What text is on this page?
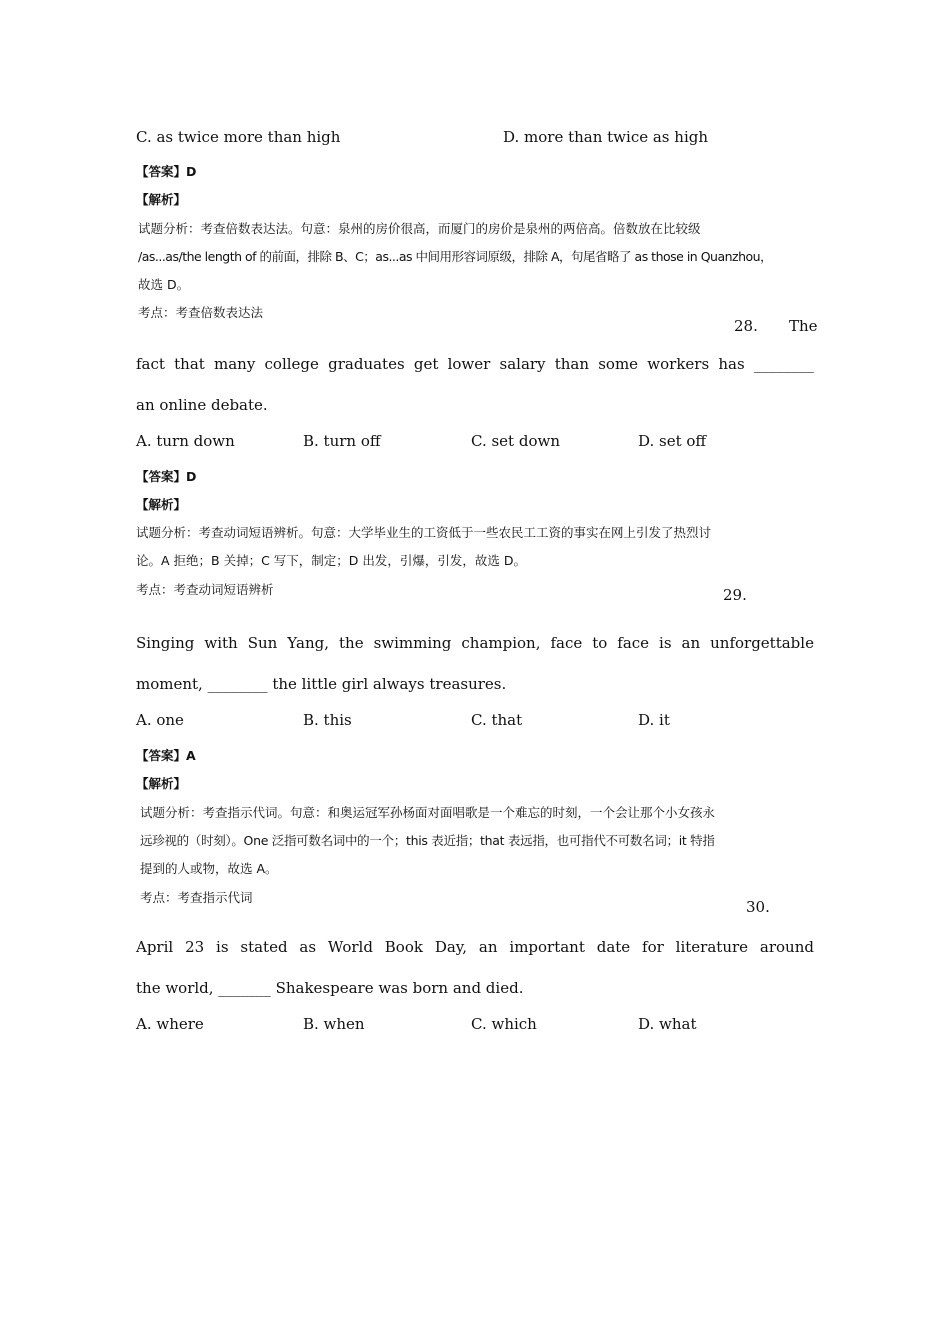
C. as twice more than high	D. more than twice as high
【答案】D
【解析】
试题分析：考查倍数表达法。句意：泉州的房价很高，而厦门的房价是泉州的两倍高。倍数放在比较级
/as...as/the length of 的前面，排除 B、C；as...as 中间用形容词原级，排除 A，句尾省略了 as those in Quanzhou，
故选 D。
考点：考查倍数表达法
28. The
fact that many college graduates get lower salary than some workers has ________
an online debate.
A. turn down	B. turn off	C. set down	D. set off
【答案】D
【解析】
试题分析：考查动词短语辨析。句意：大学毕业生的工资低于一些农民工工资的事实在网上引发了热烈讨
论。A 拒绝；B 关掉；C 写下，制定；D 出发，引爆，引发，故选 D。
考点：考查动词短语辨析	29.
Singing with Sun Yang, the swimming champion, face to face is an unforgettable
moment, ________ the little girl always treasures.
A. one	B. this	C. that	D. it
【答案】A
【解析】
试题分析：考查指示代词。句意：和奥运冠军孙杨面对面唱歌是一个难忘的时刻，一个会让那个小女孩永
远珍视的（时刻）。One 泛指可数名词中的一个；this 表近指；that 表远指，也可指代不可数名词；it 特指
提到的人或物，故选 A。
考点：考查指示代词
30.
April 23 is stated as World Book Day, an important date for literature around
the world, _______ Shakespeare was born and died.
A. where	B. when	C. which	D. what
